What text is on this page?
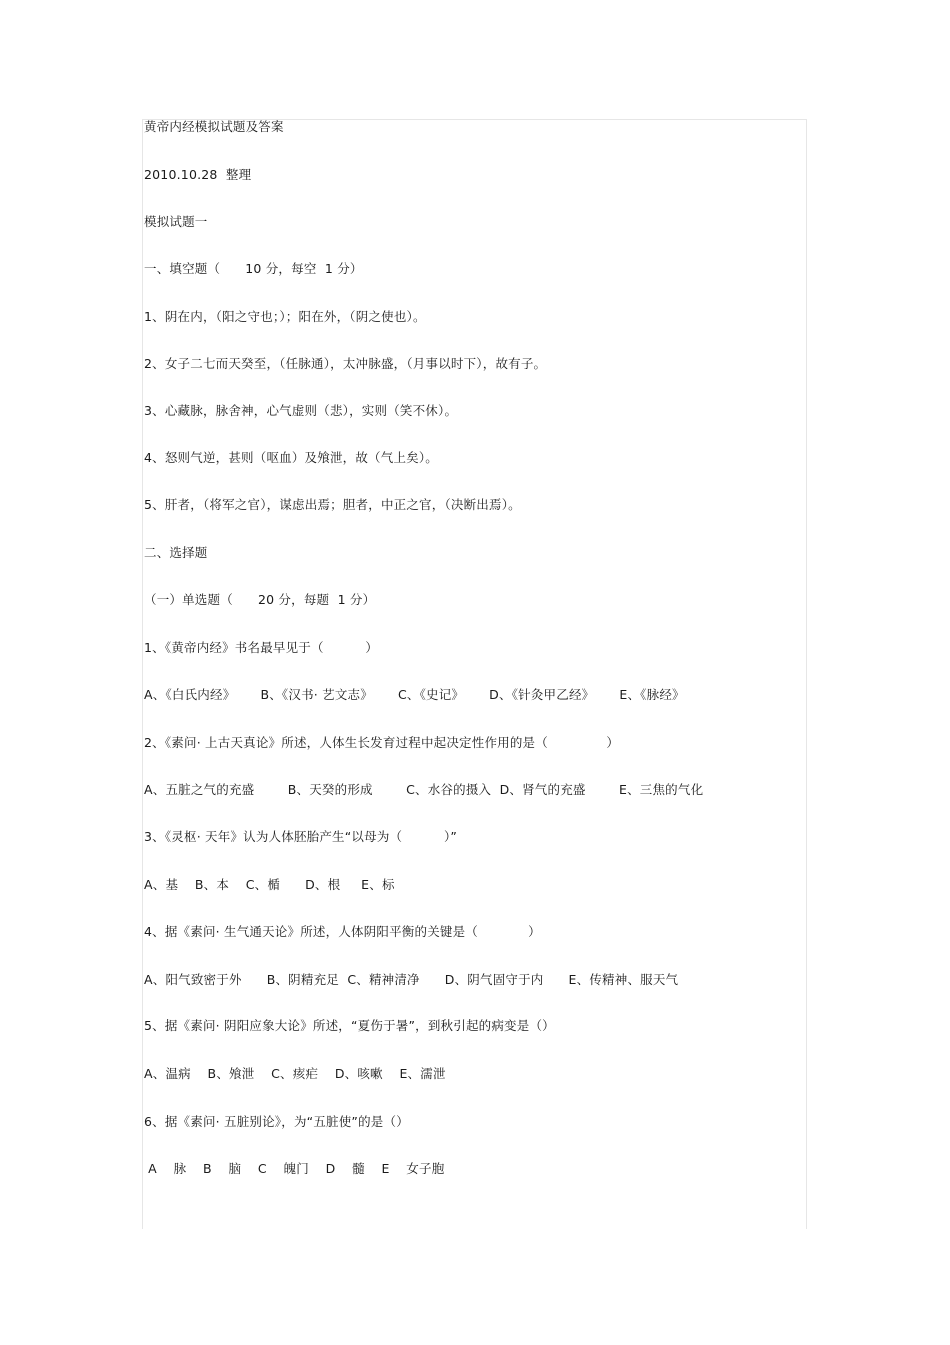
黄帝内经模拟试题及答案
2010.10.28  整理
模拟试题一
一、填空题（      10 分，每空  1 分）
1、阴在内，（阳之守也；）；阳在外，（阴之使也）。
2、女子二七而天癸至，（任脉通），太冲脉盛，（月事以时下），故有子。
3、心藏脉，脉舍神，心气虚则（悲），实则（笑不休）。
4、怒则气逆，甚则（呕血）及飧泄，故（气上矣）。
5、肝者，（将军之官），谋虑出焉；胆者，中正之官，（决断出焉）。
二、选择题
（一）单选题（      20 分，每题  1 分）
1、《黄帝内经》书名最早见于（          ）
A、《白氏内经》      B、《汉书· 艺文志》      C、《史记》      D、《针灸甲乙经》      E、《脉经》
2、《素问· 上古天真论》所述，人体生长发育过程中起决定性作用的是（              ）
A、五脏之气的充盛        B、天癸的形成        C、水谷的摄入  D、肾气的充盛        E、三焦的气化
3、《灵枢· 天年》认为人体胚胎产生“以母为（          ）”
A、基    B、本    C、楯      D、根     E、标
4、据《素问· 生气通天论》所述，人体阴阳平衡的关键是（            ）
A、阳气致密于外      B、阴精充足  C、精神清净      D、阴气固守于内      E、传精神、服天气
5、据《素问· 阴阳应象大论》所述，“夏伤于暑”，到秋引起的病变是（）
A、温病    B、飧泄    C、痎疟    D、咳嗽    E、濡泄
6、据《素问· 五脏别论》，为“五脏使”的是（）
A    脉    B    脑    C    魄门    D    髓    E    女子胞
